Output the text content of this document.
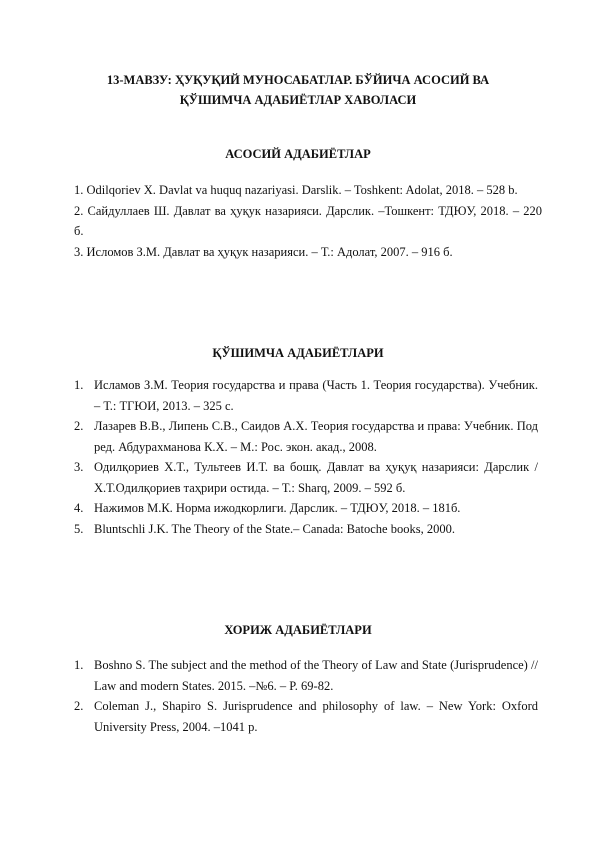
13-МАВЗУ: ҲУҚУҚИЙ МУНОСАБАТЛАР. БЎЙИЧА АСОСИЙ ВА
ҚЎШИМЧА АДАБИЁТЛАР ХАВОЛАСИ
АСОСИЙ АДАБИЁТЛАР

1. Odilqoriev X. Davlat va huquq nazariyasi. Darslik. – Toshkent: Adolat, 2018. – 528 b.

2. Сайдуллаев Ш. Давлат ва ҳуқук назарияси. Дарслик. –Тошкент: ТДЮУ, 2018. – 220 б.

3. Исломов З.М. Давлат ва ҳуқук назарияси. – Т.: Адолат, 2007. – 916 б.

ҚЎШИМЧА АДАБИЁТЛАРИ
1. Исламов З.М. Теория государства и права (Часть 1. Теория государства). Учебник. – Т.: ТГЮИ, 2013. – 325 с.
2. Лазарев В.В., Липень С.В., Саидов А.Х. Теория государства и права: Учебник. Под ред. Абдурахманова К.Х. – М.: Рос. экон. акад., 2008.
3. Одилқориев Х.Т., Тультеев И.Т. ва бошқ. Давлат ва ҳуқуқ назарияси: Дарслик / Х.Т.Одилқориев таҳрири остида. – Т.: Sharq, 2009. – 592 б.
4. Нажимов М.К. Норма ижодкорлиги. Дарслик. – ТДЮУ, 2018. – 181б.
5. Bluntschli J.K. The Theory of the State.– Canada: Batoche books, 2000.
ХОРИЖ АДАБИЁТЛАРИ
1. Boshno S. The subject and the method of the Theory of Law and State (Jurisprudence) // Law and modern States. 2015. –№6. – P. 69-82.
2. Coleman J., Shapiro S. Jurisprudence and philosophy of law. – New York: Oxford University Press, 2004. –1041 p.
